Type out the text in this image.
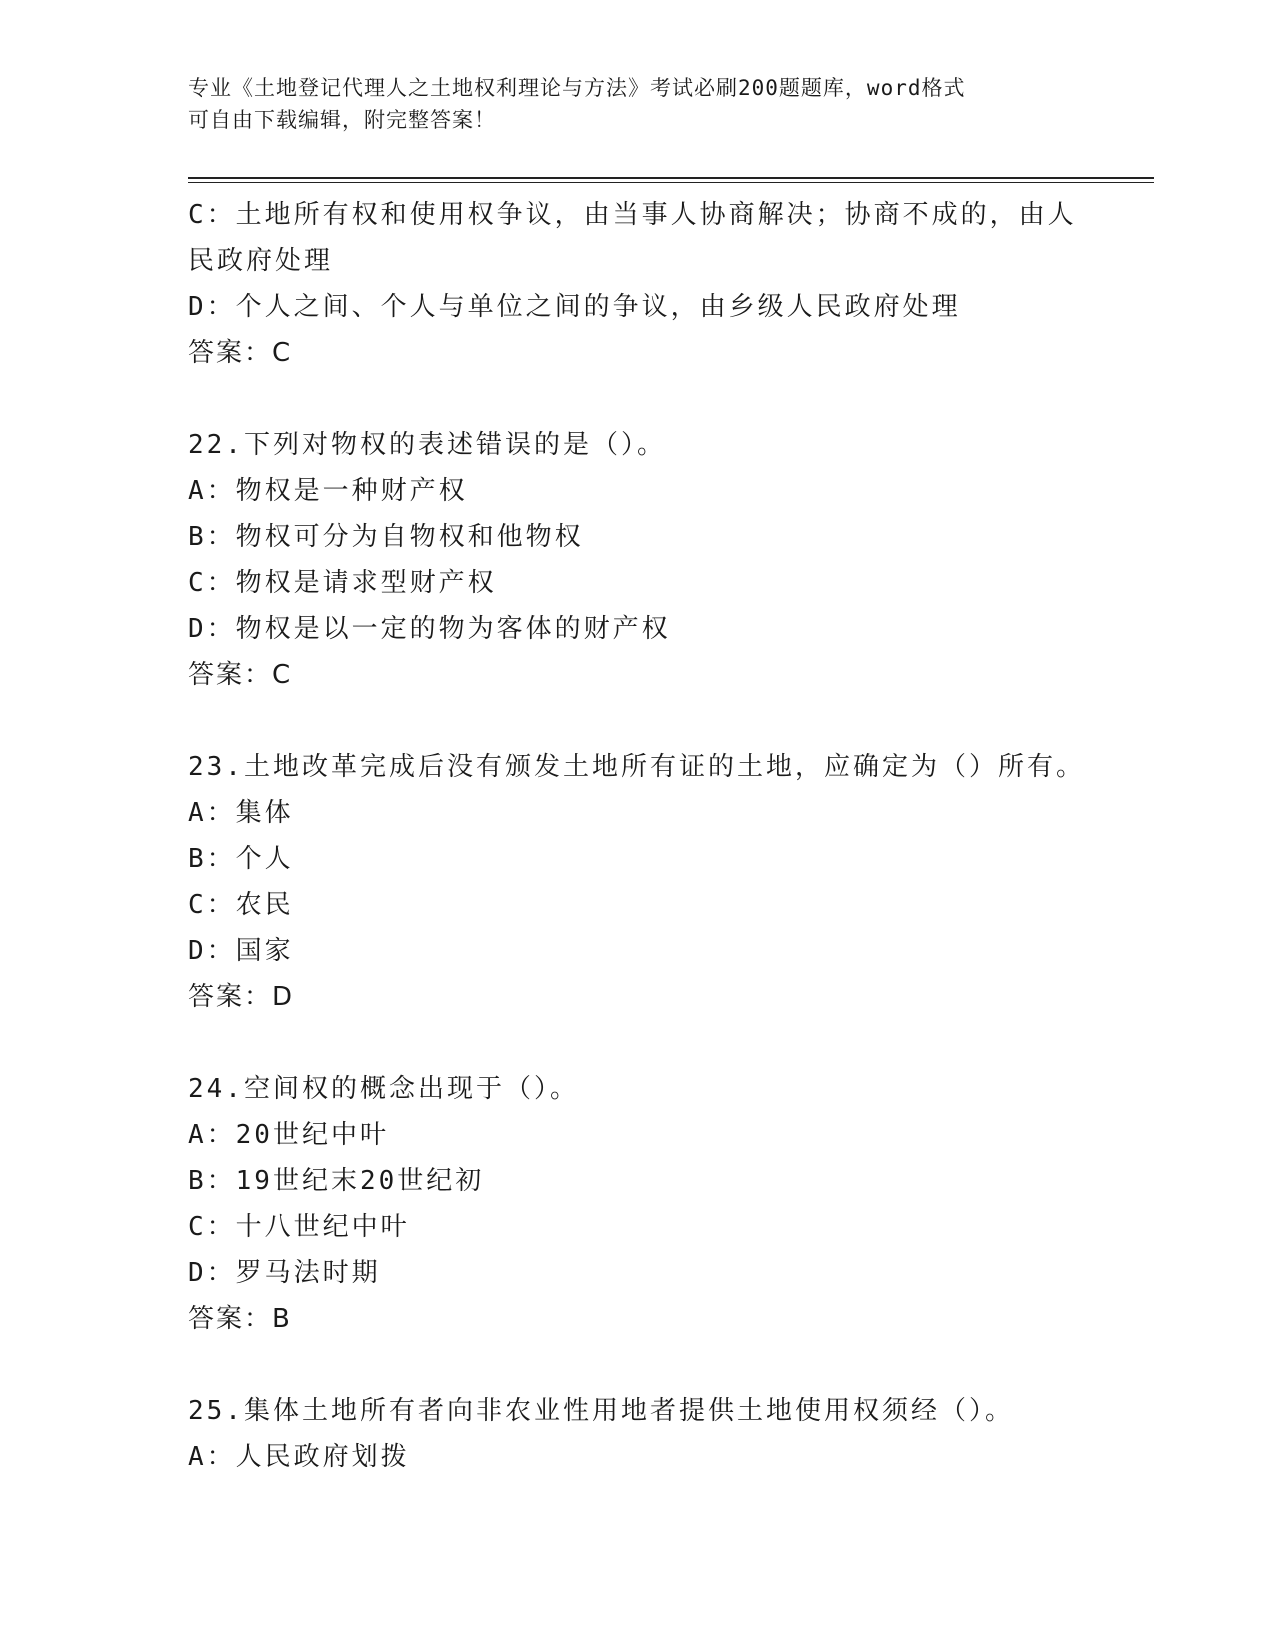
专业《土地登记代理人之土地权利理论与方法》考试必刷200题题库，word格式
可自由下载编辑，附完整答案！
C：土地所有权和使用权争议，由当事人协商解决；协商不成的，由人
民政府处理
D：个人之间、个人与单位之间的争议，由乡级人民政府处理
答案：C
22.下列对物权的表述错误的是（）。
A：物权是一种财产权
B：物权可分为自物权和他物权
C：物权是请求型财产权
D：物权是以一定的物为客体的财产权
答案：C
23.土地改革完成后没有颁发土地所有证的土地，应确定为（）所有。
A：集体
B：个人
C：农民
D：国家
答案：D
24.空间权的概念出现于（）。
A：20世纪中叶
B：19世纪末20世纪初
C：十八世纪中叶
D：罗马法时期
答案：B
25.集体土地所有者向非农业性用地者提供土地使用权须经（）。
A：人民政府划拨
